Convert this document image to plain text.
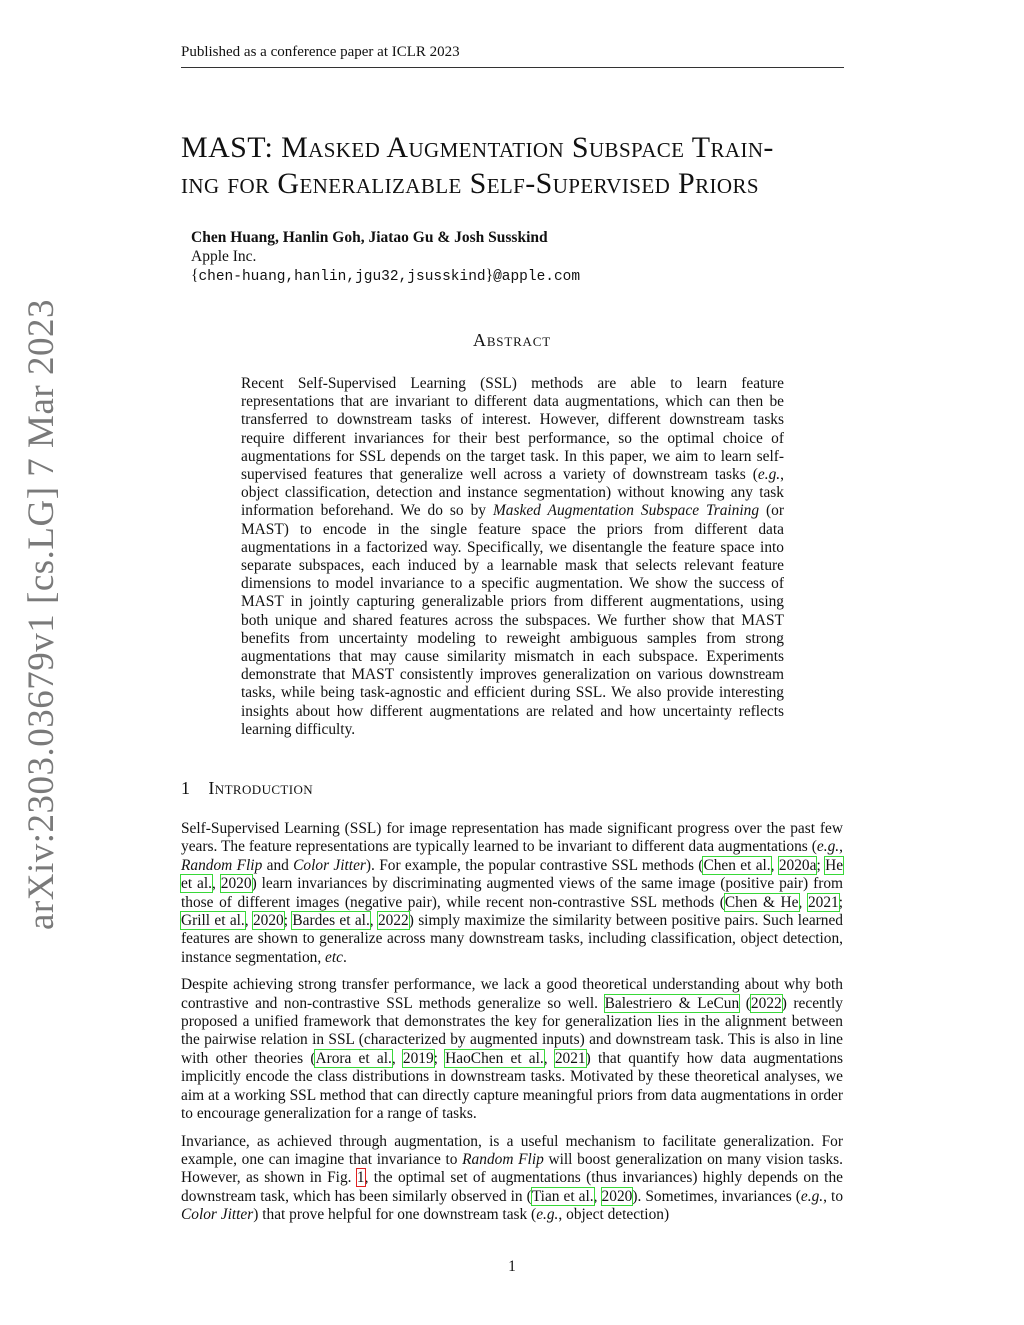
Published as a conference paper at ICLR 2023
arXiv:2303.03679v1 [cs.LG] 7 Mar 2023
MAST: Masked Augmentation Subspace Train-
ing for Generalizable Self-Supervised Priors
Chen Huang, Hanlin Goh, Jiatao Gu & Josh Susskind
Apple Inc.
{chen-huang,hanlin,jgu32,jsusskind}@apple.com
Abstract
Recent Self-Supervised Learning (SSL) methods are able to learn feature representations that are invariant to different data augmentations, which can then be transferred to downstream tasks of interest. However, different downstream tasks require different invariances for their best performance, so the optimal choice of augmentations for SSL depends on the target task. In this paper, we aim to learn self-supervised features that generalize well across a variety of downstream tasks (e.g., object classification, detection and instance segmentation) without knowing any task information beforehand. We do so by Masked Augmentation Subspace Training (or MAST) to encode in the single feature space the priors from different data augmentations in a factorized way. Specifically, we disentangle the feature space into separate subspaces, each induced by a learnable mask that selects relevant feature dimensions to model invariance to a specific augmentation. We show the success of MAST in jointly capturing generalizable priors from different augmentations, using both unique and shared features across the subspaces. We further show that MAST benefits from uncertainty modeling to reweight ambiguous samples from strong augmentations that may cause similarity mismatch in each subspace. Experiments demonstrate that MAST consistently improves generalization on various downstream tasks, while being task-agnostic and efficient during SSL. We also provide interesting insights about how different augmentations are related and how uncertainty reflects learning difficulty.
1 Introduction

Self-Supervised Learning (SSL) for image representation has made significant progress over the past few years. The feature representations are typically learned to be invariant to different data augmentations (e.g., Random Flip and Color Jitter). For example, the popular contrastive SSL methods (Chen et al., 2020a; He et al., 2020) learn invariances by discriminating augmented views of the same image (positive pair) from those of different images (negative pair), while recent non-contrastive SSL methods (Chen & He, 2021; Grill et al., 2020; Bardes et al., 2022) simply maximize the similarity between positive pairs. Such learned features are shown to generalize across many downstream tasks, including classification, object detection, instance segmentation, etc.

Despite achieving strong transfer performance, we lack a good theoretical understanding about why both contrastive and non-contrastive SSL methods generalize so well. Balestriero & LeCun (2022) recently proposed a unified framework that demonstrates the key for generalization lies in the alignment between the pairwise relation in SSL (characterized by augmented inputs) and downstream task. This is also in line with other theories (Arora et al., 2019; HaoChen et al., 2021) that quantify how data augmentations implicitly encode the class distributions in downstream tasks. Motivated by these theoretical analyses, we aim at a working SSL method that can directly capture meaningful priors from data augmentations in order to encourage generalization for a range of tasks.

Invariance, as achieved through augmentation, is a useful mechanism to facilitate generalization. For example, one can imagine that invariance to Random Flip will boost generalization on many vision tasks. However, as shown in Fig. 1, the optimal set of augmentations (thus invariances) highly depends on the downstream task, which has been similarly observed in (Tian et al., 2020). Sometimes, invariances (e.g., to Color Jitter) that prove helpful for one downstream task (e.g., object detection)

1
